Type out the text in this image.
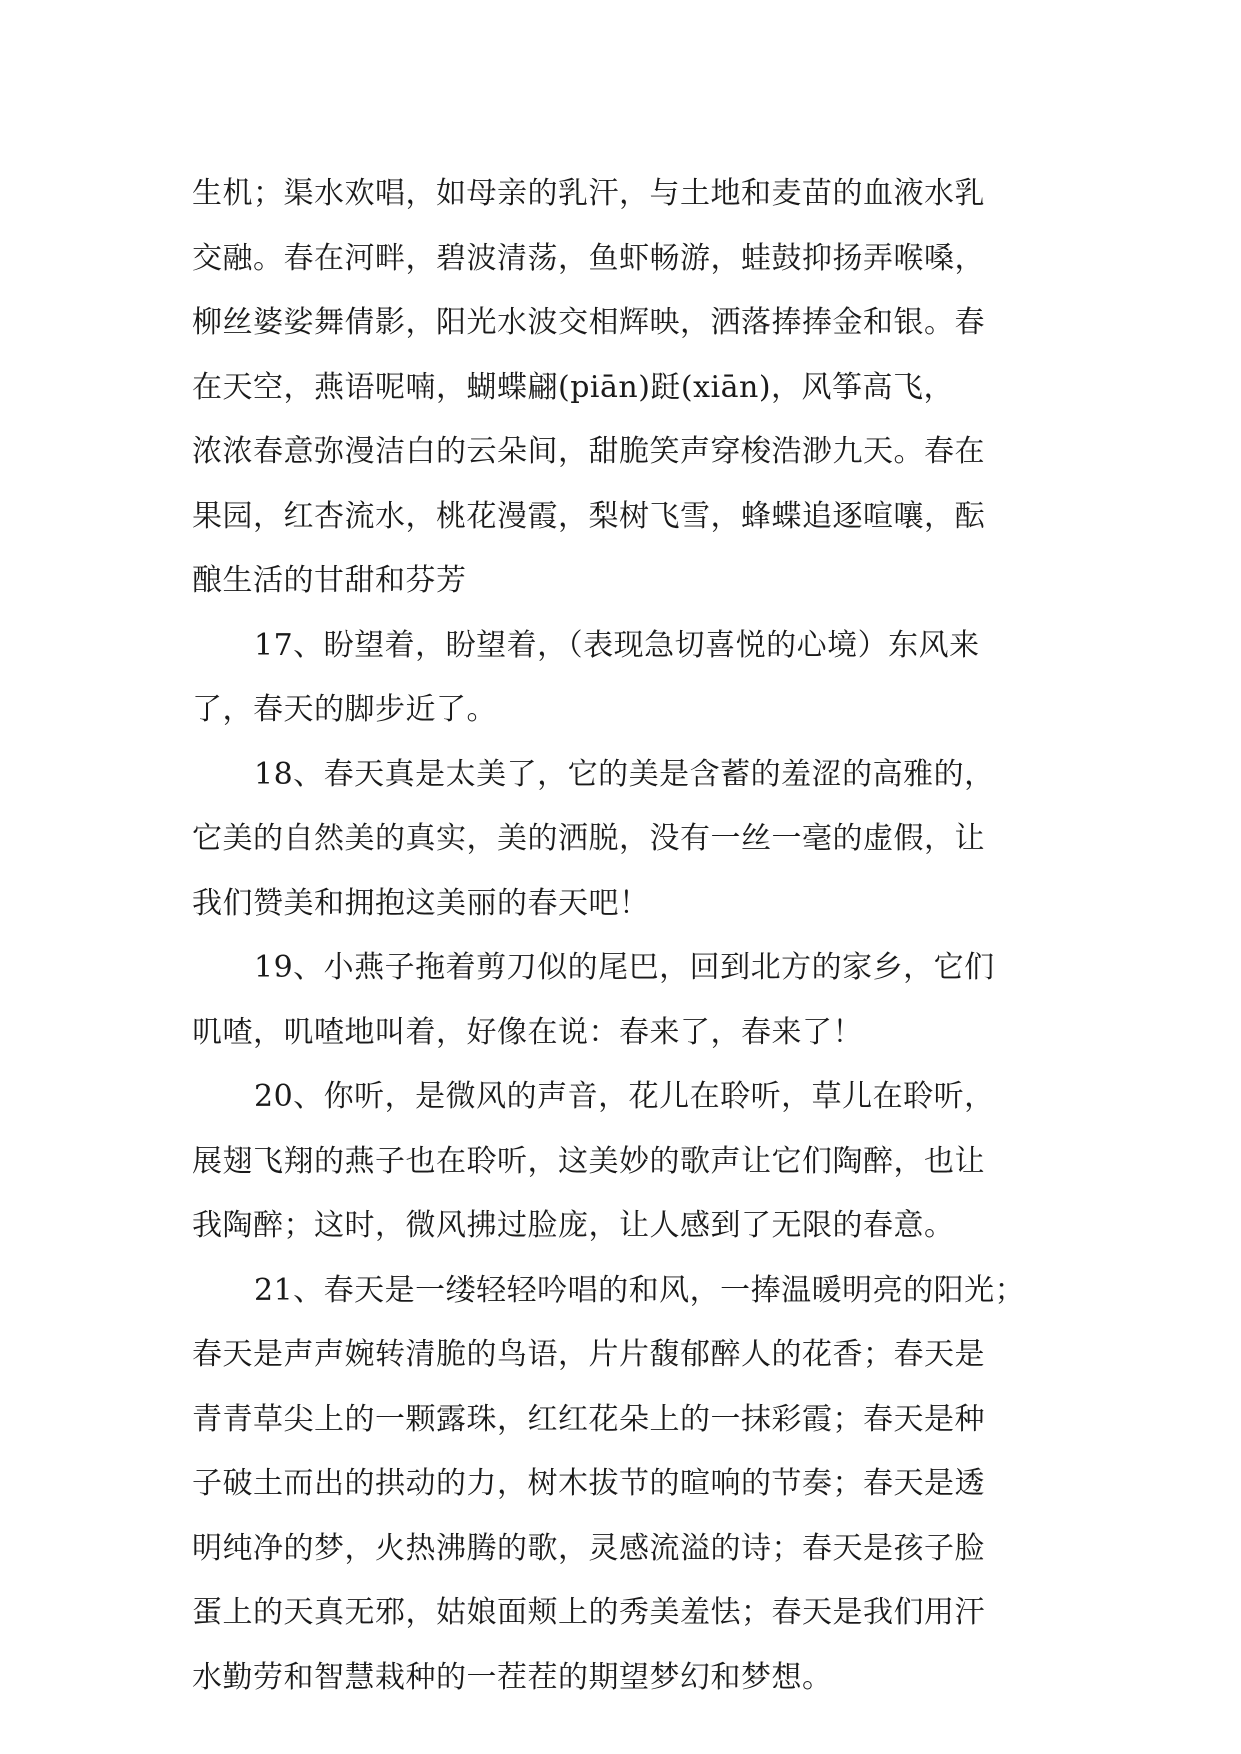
生机；渠水欢唱，如母亲的乳汗，与土地和麦苗的血液水乳
交融。春在河畔，碧波清荡，鱼虾畅游，蛙鼓抑扬弄喉嗓，
柳丝婆娑舞倩影，阳光水波交相辉映，洒落捧捧金和银。春
在天空，燕语呢喃，蝴蝶翩(piān)跹(xiān)，风筝高飞，
浓浓春意弥漫洁白的云朵间，甜脆笑声穿梭浩渺九天。春在
果园，红杏流水，桃花漫霞，梨树飞雪，蜂蝶追逐喧嚷，酝
酿生活的甘甜和芬芳
17、盼望着，盼望着，（表现急切喜悦的心境）东风来
了，春天的脚步近了。
18、春天真是太美了，它的美是含蓄的羞涩的高雅的，
它美的自然美的真实，美的洒脱，没有一丝一毫的虚假，让
我们赞美和拥抱这美丽的春天吧！
19、小燕子拖着剪刀似的尾巴，回到北方的家乡，它们
叽喳，叽喳地叫着，好像在说：春来了，春来了！
20、你听，是微风的声音，花儿在聆听，草儿在聆听，
展翅飞翔的燕子也在聆听，这美妙的歌声让它们陶醉，也让
我陶醉；这时，微风拂过脸庞，让人感到了无限的春意。
21、春天是一缕轻轻吟唱的和风，一捧温暖明亮的阳光；
春天是声声婉转清脆的鸟语，片片馥郁醉人的花香；春天是
青青草尖上的一颗露珠，红红花朵上的一抹彩霞；春天是种
子破土而出的拱动的力，树木拔节的暄响的节奏；春天是透
明纯净的梦，火热沸腾的歌，灵感流溢的诗；春天是孩子脸
蛋上的天真无邪，姑娘面颊上的秀美羞怯；春天是我们用汗
水勤劳和智慧栽种的一茬茬的期望梦幻和梦想。
